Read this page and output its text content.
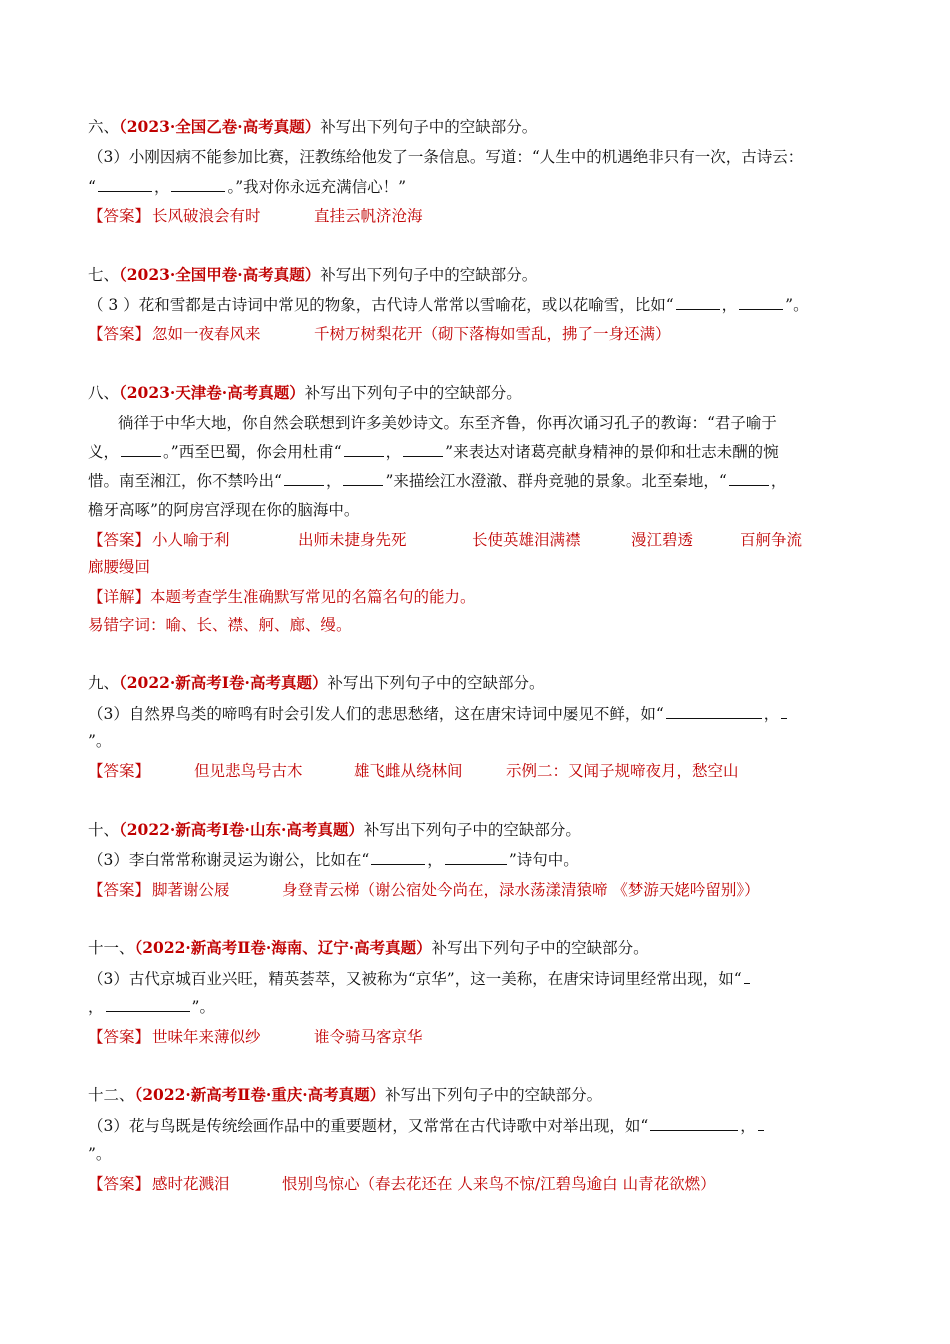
六、（2023·全国乙卷·高考真题）补写出下列句子中的空缺部分。
（3）小刚因病不能参加比赛，汪教练给他发了一条信息。写道：“人生中的机遇绝非只有一次，古诗云：
“	，	。”我对你永远充满信心！”
【答案】 长风破浪会有时	直挂云帆济沧海
七、（2023·全国甲卷·高考真题）补写出下列句子中的空缺部分。
（ 3 ）花和雪都是古诗词中常见的物象，古代诗人常常以雪喻花，或以花喻雪，比如“	，	”。
【答案】 忽如一夜春风来	千树万树梨花开（砌下落梅如雪乱，拂了一身还满）
八、（2023·天津卷·高考真题）补写出下列句子中的空缺部分。
徜徉于中华大地，你自然会联想到许多美妙诗文。东至齐鲁，你再次诵习孔子的教诲：“君子喻于
义，	。”西至巴蜀，你会用杜甫“	，	”来表达对诸葛亮献身精神的景仰和壮志未酬的惋
惜。南至湘江，你不禁吟出“	，	”来描绘江水澄澈、群舟竞驰的景象。北至秦地，“	，
檐牙高啄”的阿房宫浮现在你的脑海中。
【答案】 小人喻于利	出师未捷身先死	长使英雄泪满襟	漫江碧透	百舸争流
廊腰缦回
【详解】本题考查学生准确默写常见的名篇名句的能力。
易错字词：喻、长、襟、舸、廊、缦。
九、（2022·新高考Ⅰ卷·高考真题）补写出下列句子中的空缺部分。
（3）自然界鸟类的啼鸣有时会引发人们的悲思愁绪，这在唐宋诗词中屡见不鲜，如“	，
”。
【答案】	但见悲鸟号古木	雄飞雌从绕林间	示例二：又闻子规啼夜月，愁空山
十、（2022·新高考Ⅰ卷·山东·高考真题）补写出下列句子中的空缺部分。
（3）李白常常称谢灵运为谢公，比如在“	，	”诗句中。
【答案】 脚著谢公屐	身登青云梯（谢公宿处今尚在，渌水荡漾清猿啼 《梦游天姥吟留别》）
十一、（2022·新高考Ⅱ卷·海南、辽宁·高考真题）补写出下列句子中的空缺部分。
（3）古代京城百业兴旺，精英荟萃，又被称为“京华”，这一美称，在唐宋诗词里经常出现，如“
，	”。
【答案】 世味年来薄似纱	谁令骑马客京华
十二、（2022·新高考Ⅱ卷·重庆·高考真题）补写出下列句子中的空缺部分。
（3）花与鸟既是传统绘画作品中的重要题材，又常常在古代诗歌中对举出现，如“	，
”。
【答案】 感时花溅泪	恨别鸟惊心（春去花还在 人来鸟不惊/江碧鸟逾白 山青花欲燃）
